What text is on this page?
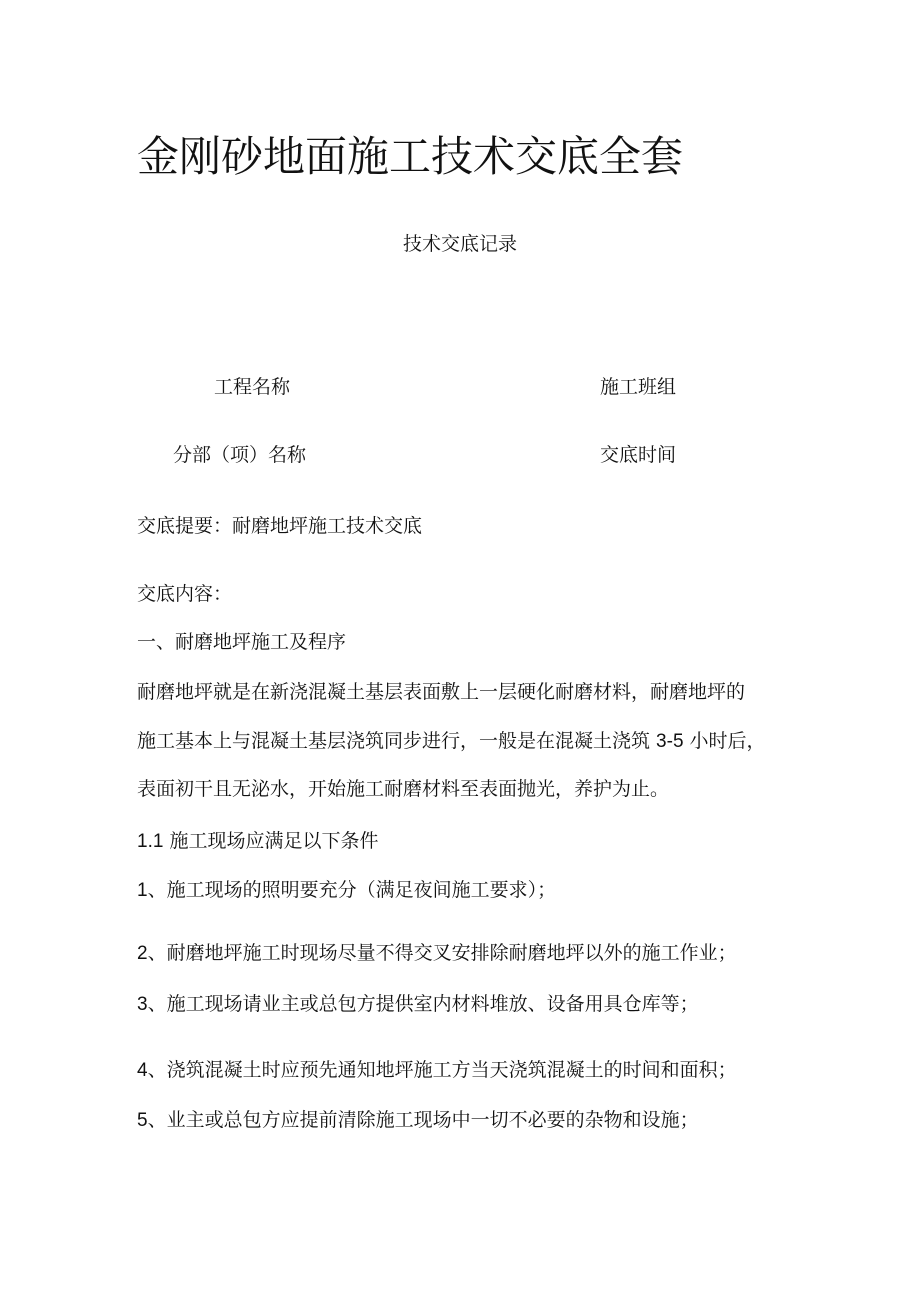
金刚砂地面施工技术交底全套
技术交底记录
工程名称	施工班组
分部（项）名称	交底时间
交底提要：耐磨地坪施工技术交底
交底内容：
一、耐磨地坪施工及程序
耐磨地坪就是在新浇混凝土基层表面敷上一层硬化耐磨材料，耐磨地坪的
施工基本上与混凝土基层浇筑同步进行，一般是在混凝土浇筑 3-5 小时后，
表面初干且无泌水，开始施工耐磨材料至表面抛光，养护为止。
1.1 施工现场应满足以下条件
1、施工现场的照明要充分（满足夜间施工要求）；
2、耐磨地坪施工时现场尽量不得交叉安排除耐磨地坪以外的施工作业；
3、施工现场请业主或总包方提供室内材料堆放、设备用具仓库等；
4、浇筑混凝土时应预先通知地坪施工方当天浇筑混凝土的时间和面积；
5、业主或总包方应提前清除施工现场中一切不必要的杂物和设施；
